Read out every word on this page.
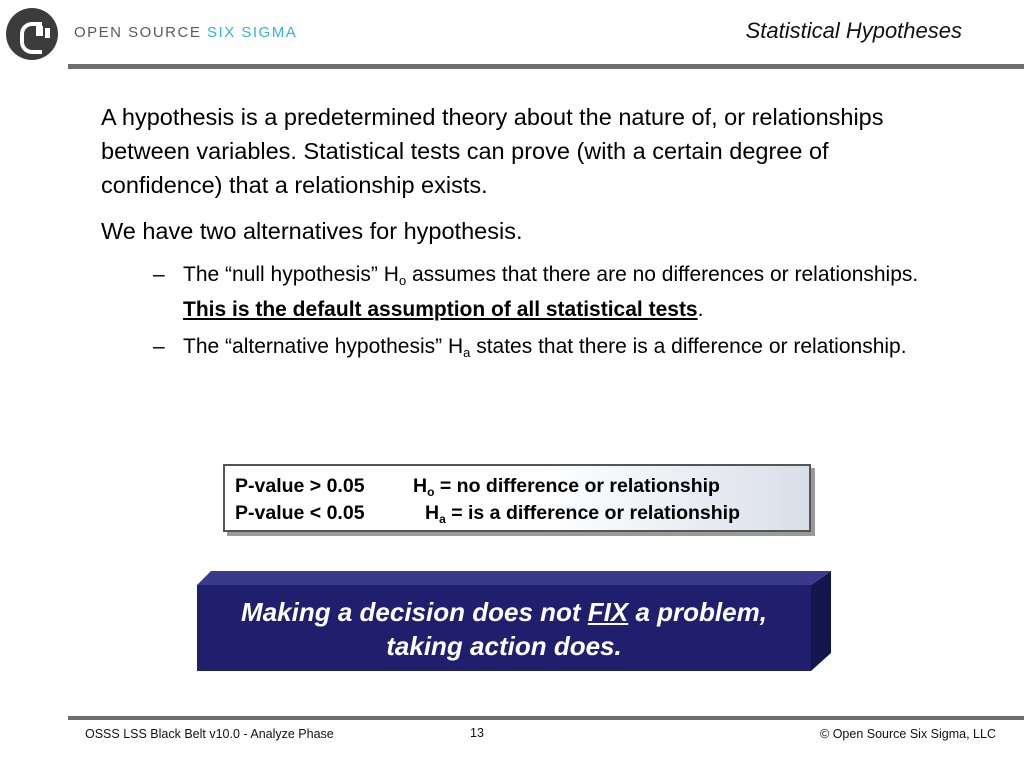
OPEN SOURCE SIX SIGMA	Statistical Hypotheses

A hypothesis is a predetermined theory about the nature of, or relationships between variables. Statistical tests can prove (with a certain degree of confidence) that a relationship exists.

We have two alternatives for hypothesis.

– The “null hypothesis” $H_o$ assumes that there are no differences or relationships. This is the default assumption of all statistical tests.
– The “alternative hypothesis” $H_a$ states that there is a difference or relationship.
P-value > 0.05 $H_o$ = no difference or relationship
P-value < 0.05	$H_a$ = is a difference or relationship
Making a decision does not FIX a problem,
taking action does.
OSSS LSS Black Belt v10.0 - Analyze Phase	13	© Open Source Six Sigma, LLC
